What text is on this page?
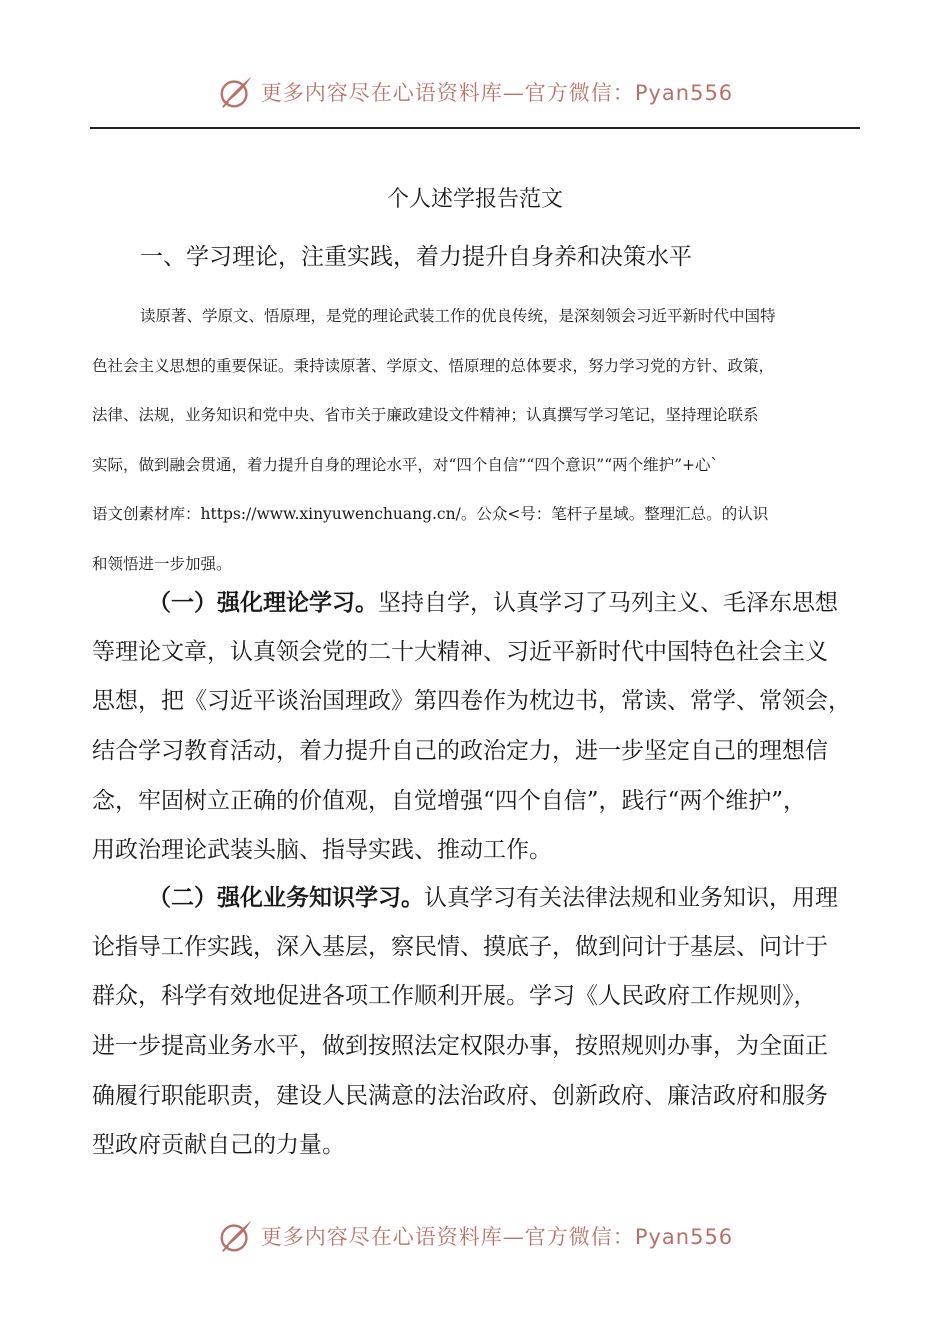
更多内容尽在心语资料库—官方微信：Pyan556
个人述学报告范文
一、学习理论，注重实践，着力提升自身养和决策水平
读原著、学原文、悟原理，是党的理论武装工作的优良传统，是深刻领会习近平新时代中国特
色社会主义思想的重要保证。秉持读原著、学原文、悟原理的总体要求，努力学习党的方针、政策，
法律、法规，业务知识和党中央、省市关于廉政建设文件精神；认真撰写学习笔记，坚持理论联系
实际，做到融会贯通，着力提升自身的理论水平，对“四个自信”“四个意识”“两个维护”+心`
语文创素材库：https://www.xinyuwenchuang.cn/。公众<号：笔杆子星域。整理汇总。的认识
和领悟进一步加强。
（一）强化理论学习。坚持自学，认真学习了马列主义、毛泽东思想
等理论文章，认真领会党的二十大精神、习近平新时代中国特色社会主义
思想，把《习近平谈治国理政》第四卷作为枕边书，常读、常学、常领会，
结合学习教育活动，着力提升自己的政治定力，进一步坚定自己的理想信
念，牢固树立正确的价值观，自觉增强“四个自信”，践行“两个维护”，
用政治理论武装头脑、指导实践、推动工作。
（二）强化业务知识学习。认真学习有关法律法规和业务知识，用理
论指导工作实践，深入基层，察民情、摸底子，做到问计于基层、问计于
群众，科学有效地促进各项工作顺利开展。学习《人民政府工作规则》，
进一步提高业务水平，做到按照法定权限办事，按照规则办事，为全面正
确履行职能职责，建设人民满意的法治政府、创新政府、廉洁政府和服务
型政府贡献自己的力量。
更多内容尽在心语资料库—官方微信：Pyan556
